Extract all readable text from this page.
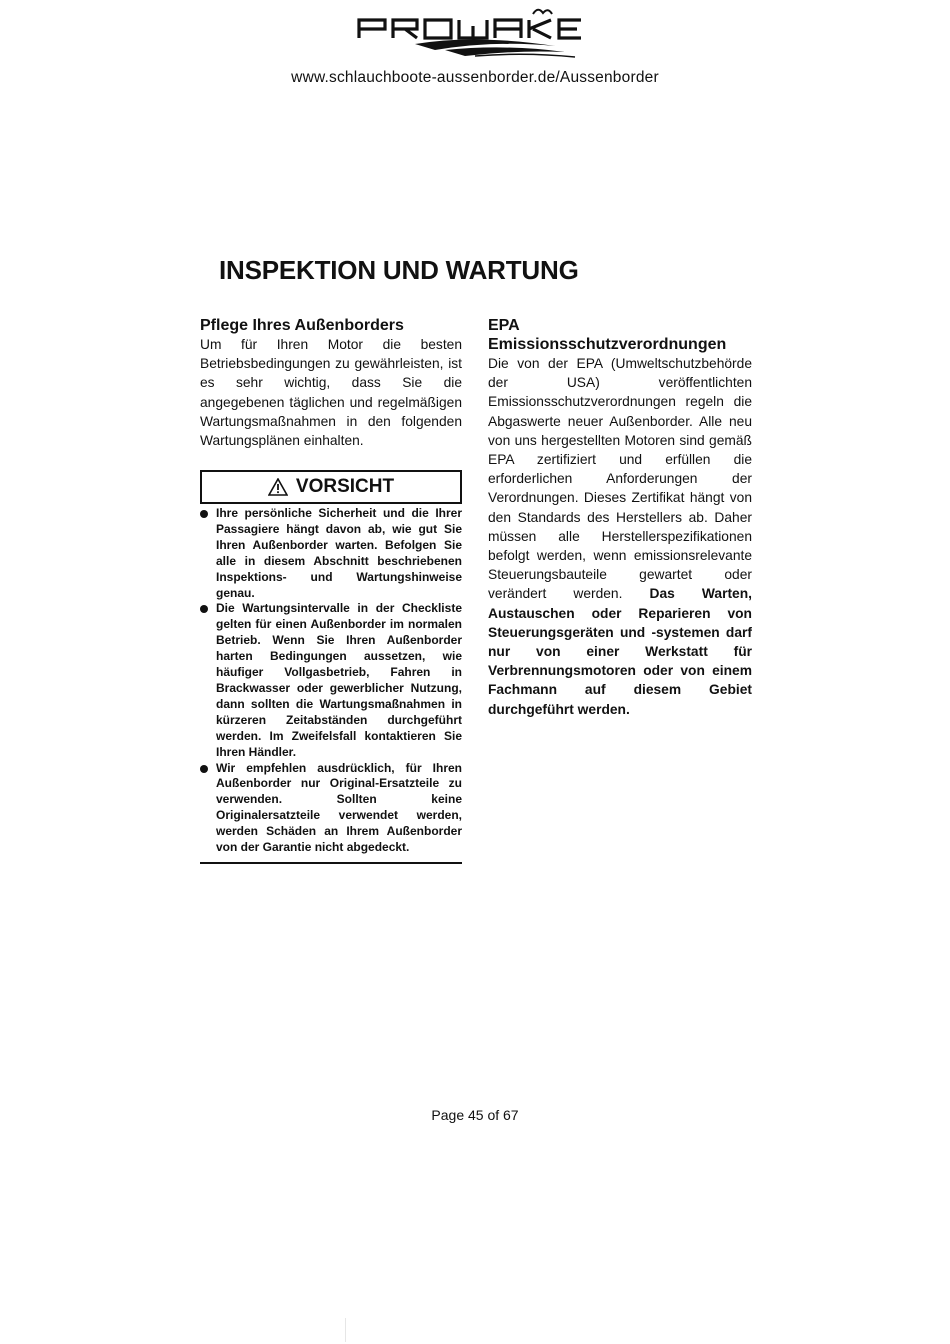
www.schlauchboote-aussenborder.de/Aussenborder
INSPEKTION UND WARTUNG

Pflege Ihres Außenborders

Um für Ihren Motor die besten Betriebsbedingungen zu gewährleisten, ist es sehr wichtig, dass Sie die angegebenen täglichen und regelmäßigen Wartungsmaßnahmen in den folgenden Wartungsplänen einhalten.

VORSICHT
Ihre persönliche Sicherheit und die Ihrer Passagiere hängt davon ab, wie gut Sie Ihren Außenborder warten. Befolgen Sie alle in diesem Abschnitt beschriebenen Inspektions- und Wartungshinweise genau.
Die Wartungsintervalle in der Checkliste gelten für einen Außenborder im normalen Betrieb. Wenn Sie Ihren Außenborder harten Bedingungen aussetzen, wie häufiger Vollgasbetrieb, Fahren in Brackwasser oder gewerblicher Nutzung, dann sollten die Wartungsmaßnahmen in kürzeren Zeitabständen durchgeführt werden. Im Zweifelsfall kontaktieren Sie Ihren Händler.
Wir empfehlen ausdrücklich, für Ihren Außenborder nur Original-Ersatzteile zu verwenden. Sollten keine Originalersatzteile verwendet werden, werden Schäden an Ihrem Außenborder von der Garantie nicht abgedeckt.

EPA

Emissionsschutzverordnungen

Die von der EPA (Umweltschutzbehörde der USA) veröffentlichten Emissionsschutzverordnungen regeln die Abgaswerte neuer Außenborder. Alle neu von uns hergestellten Motoren sind gemäß EPA zertifiziert und erfüllen die erforderlichen Anforderungen der Verordnungen. Dieses Zertifikat hängt von den Standards des Herstellers ab. Daher müssen alle Herstellerspezifikationen befolgt werden, wenn emissionsrelevante Steuerungsbauteile gewartet oder verändert werden. Das Warten, Austauschen oder Reparieren von Steuerungsgeräten und -systemen darf nur von einer Werkstatt für Verbrennungsmotoren oder von einem Fachmann auf diesem Gebiet durchgeführt werden.

Page 45 of 67
